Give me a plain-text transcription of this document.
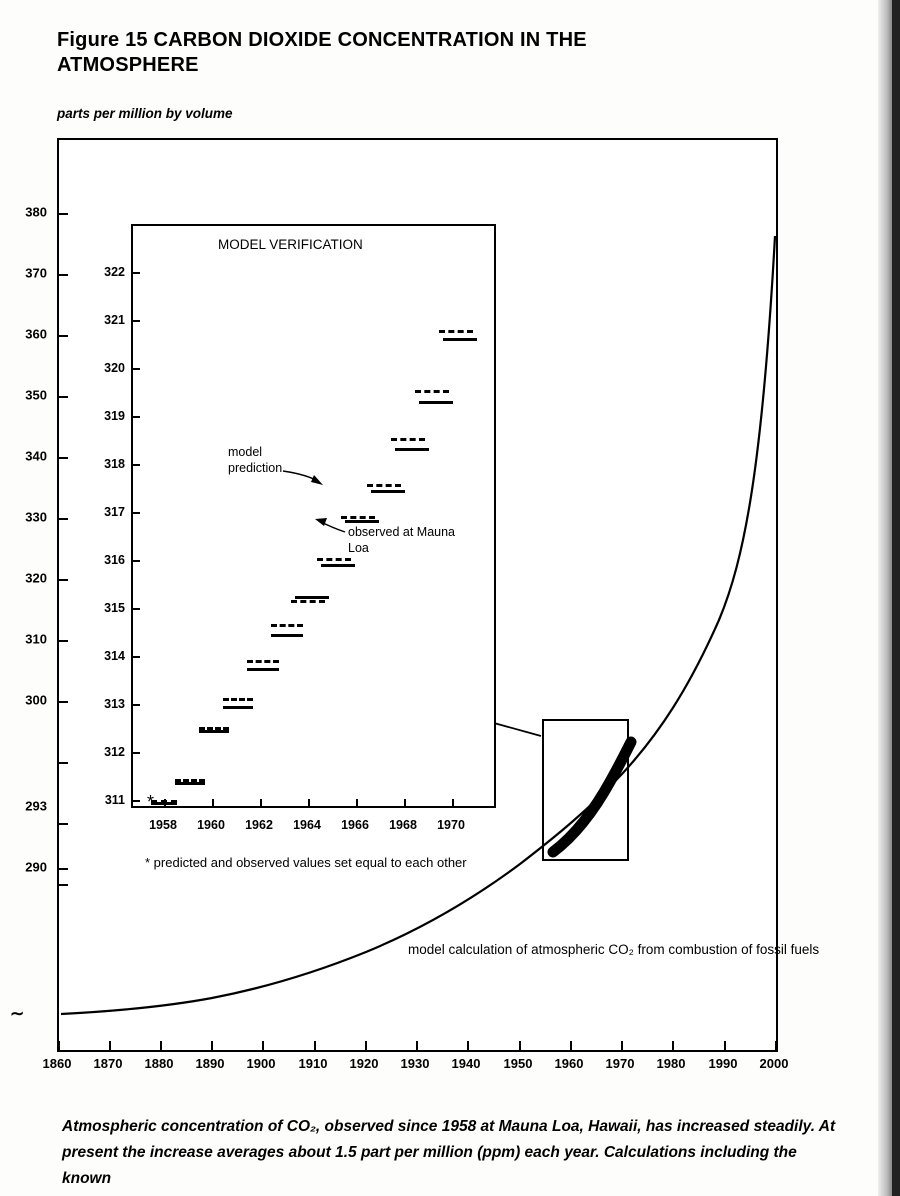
Figure 15 CARBON DIOXIDE CONCENTRATION IN THE ATMOSPHERE
parts per million by volume
*
380
370
360
350
340
330
320
310
300
293
290
∼
1860 1870 1880 1890 1900 1910 1920 1930 1940 1950 1960 1970 1980 1990 2000
MODEL VERIFICATION
*
model prediction
observed at Mauna Loa
311
312
313
314
315
316
317
318
319
320
321
322
1958 1960 1962 1964 1966 1968 1970
* predicted and observed values set equal to each other
model calculation of atmospheric CO₂ from combustion of fossil fuels
Atmospheric concentration of CO₂, observed since 1958 at Mauna Loa, Hawaii, has increased steadily. At present the increase averages about 1.5 part per million (ppm) each year. Calculations including the known
